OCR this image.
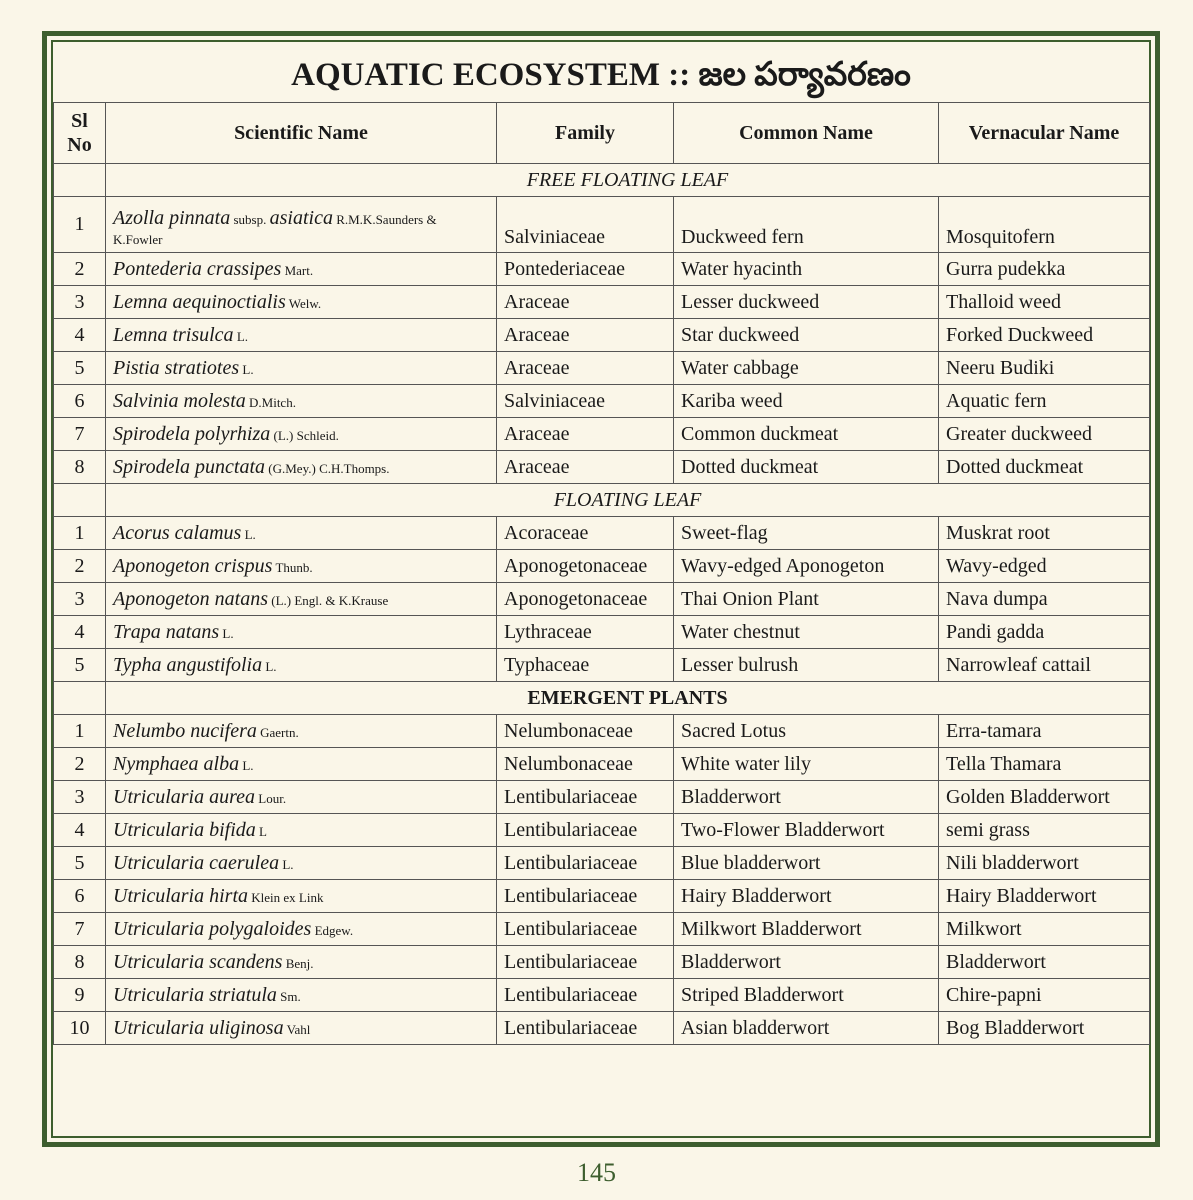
AQUATIC ECOSYSTEM :: జల పర్యావరణం
Sl
No	Scientific Name	Family	Common Name	Vernacular Name
	FREE FLOATING LEAF			
1	Azolla pinnata subsp. asiatica R.M.K.Saunders & K.Fowler	Salviniaceae	Duckweed fern	Mosquitofern
2	Pontederia crassipes Mart.	Pontederiaceae	Water hyacinth	Gurra pudekka
3	Lemna aequinoctialis Welw.	Araceae	Lesser duckweed	Thalloid weed
4	Lemna trisulca L.	Araceae	Star duckweed	Forked Duckweed
5	Pistia stratiotes L.	Araceae	Water cabbage	Neeru Budiki
6	Salvinia molesta D.Mitch.	Salviniaceae	Kariba weed	Aquatic fern
7	Spirodela polyrhiza (L.) Schleid.	Araceae	Common duckmeat	Greater duckweed
8	Spirodela punctata (G.Mey.) C.H.Thomps.	Araceae	Dotted duckmeat	Dotted duckmeat
	FLOATING LEAF			
1	Acorus calamus L.	Acoraceae	Sweet-flag	Muskrat root
2	Aponogeton crispus Thunb.	Aponogetonaceae	Wavy-edged Aponogeton	Wavy-edged
3	Aponogeton natans (L.) Engl. & K.Krause	Aponogetonaceae	Thai Onion Plant	Nava dumpa
4	Trapa natans L.	Lythraceae	Water chestnut	Pandi gadda
5	Typha angustifolia L.	Typhaceae	Lesser bulrush	Narrowleaf cattail
	EMERGENT PLANTS			
1	Nelumbo nucifera Gaertn.	Nelumbonaceae	Sacred Lotus	Erra-tamara
2	Nymphaea alba L.	Nelumbonaceae	White water lily	Tella Thamara
3	Utricularia aurea Lour.	Lentibulariaceae	Bladderwort	Golden Bladderwort
4	Utricularia bifida L	Lentibulariaceae	Two-Flower Bladderwort	semi grass
5	Utricularia caerulea L.	Lentibulariaceae	Blue bladderwort	Nili bladderwort
6	Utricularia hirta Klein ex Link	Lentibulariaceae	Hairy Bladderwort	Hairy Bladderwort
7	Utricularia polygaloides Edgew.	Lentibulariaceae	Milkwort Bladderwort	Milkwort
8	Utricularia scandens Benj.	Lentibulariaceae	Bladderwort	Bladderwort
9	Utricularia striatula Sm.	Lentibulariaceae	Striped Bladderwort	Chire-papni
10	Utricularia uliginosa Vahl	Lentibulariaceae	Asian bladderwort	Bog Bladderwort
145
